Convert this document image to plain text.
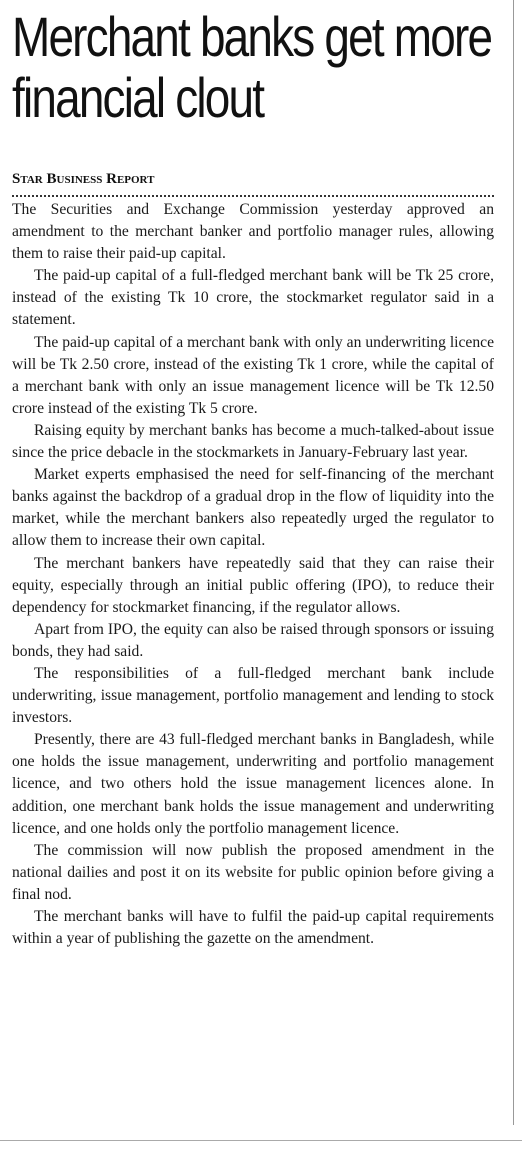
Merchant banks get more financial clout
Star Business Report

The Securities and Exchange Commission yesterday approved an amendment to the merchant banker and portfolio manager rules, allowing them to raise their paid-up capital.

The paid-up capital of a full-fledged merchant bank will be Tk 25 crore, instead of the existing Tk 10 crore, the stockmarket regulator said in a statement.

The paid-up capital of a merchant bank with only an underwriting licence will be Tk 2.50 crore, instead of the existing Tk 1 crore, while the capital of a merchant bank with only an issue management licence will be Tk 12.50 crore instead of the existing Tk 5 crore.

Raising equity by merchant banks has become a much-talked-about issue since the price debacle in the stockmarkets in January-February last year.

Market experts emphasised the need for self-financing of the merchant banks against the backdrop of a gradual drop in the flow of liquidity into the market, while the merchant bankers also repeatedly urged the regulator to allow them to increase their own capital.

The merchant bankers have repeatedly said that they can raise their equity, especially through an initial public offering (IPO), to reduce their dependency for stockmarket financing, if the regulator allows.

Apart from IPO, the equity can also be raised through sponsors or issuing bonds, they had said.

The responsibilities of a full-fledged merchant bank include underwriting, issue management, portfolio management and lending to stock investors.

Presently, there are 43 full-fledged merchant banks in Bangladesh, while one holds the issue management, underwriting and portfolio management licence, and two others hold the issue management licences alone. In addition, one merchant bank holds the issue management and underwriting licence, and one holds only the portfolio management licence.

The commission will now publish the proposed amendment in the national dailies and post it on its website for public opinion before giving a final nod.

The merchant banks will have to fulfil the paid-up capital requirements within a year of publishing the gazette on the amendment.
